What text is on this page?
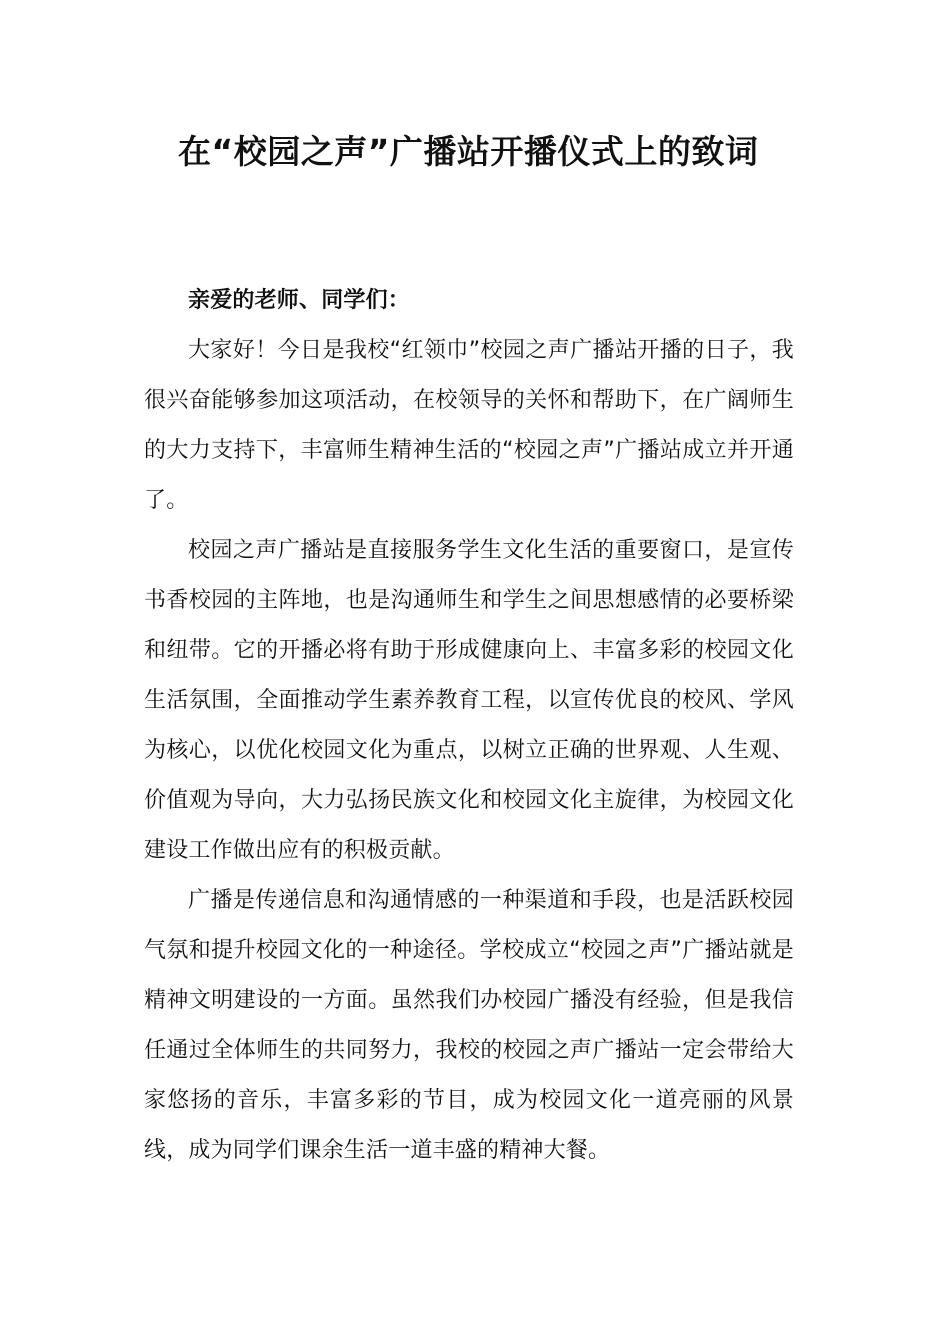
在“校园之声”广播站开播仪式上的致词

亲爱的老师、同学们：

大家好！今日是我校“红领巾”校园之声广播站开播的日子，我很兴奋能够参加这项活动，在校领导的关怀和帮助下，在广阔师生的大力支持下，丰富师生精神生活的“校园之声”广播站成立并开通了。

校园之声广播站是直接服务学生文化生活的重要窗口，是宣传书香校园的主阵地，也是沟通师生和学生之间思想感情的必要桥梁和纽带。它的开播必将有助于形成健康向上、丰富多彩的校园文化生活氛围，全面推动学生素养教育工程，以宣传优良的校风、学风为核心，以优化校园文化为重点，以树立正确的世界观、人生观、价值观为导向，大力弘扬民族文化和校园文化主旋律，为校园文化建设工作做出应有的积极贡献。

广播是传递信息和沟通情感的一种渠道和手段，也是活跃校园气氛和提升校园文化的一种途径。学校成立“校园之声”广播站就是精神文明建设的一方面。虽然我们办校园广播没有经验，但是我信任通过全体师生的共同努力，我校的校园之声广播站一定会带给大家悠扬的音乐，丰富多彩的节目，成为校园文化一道亮丽的风景线，成为同学们课余生活一道丰盛的精神大餐。
